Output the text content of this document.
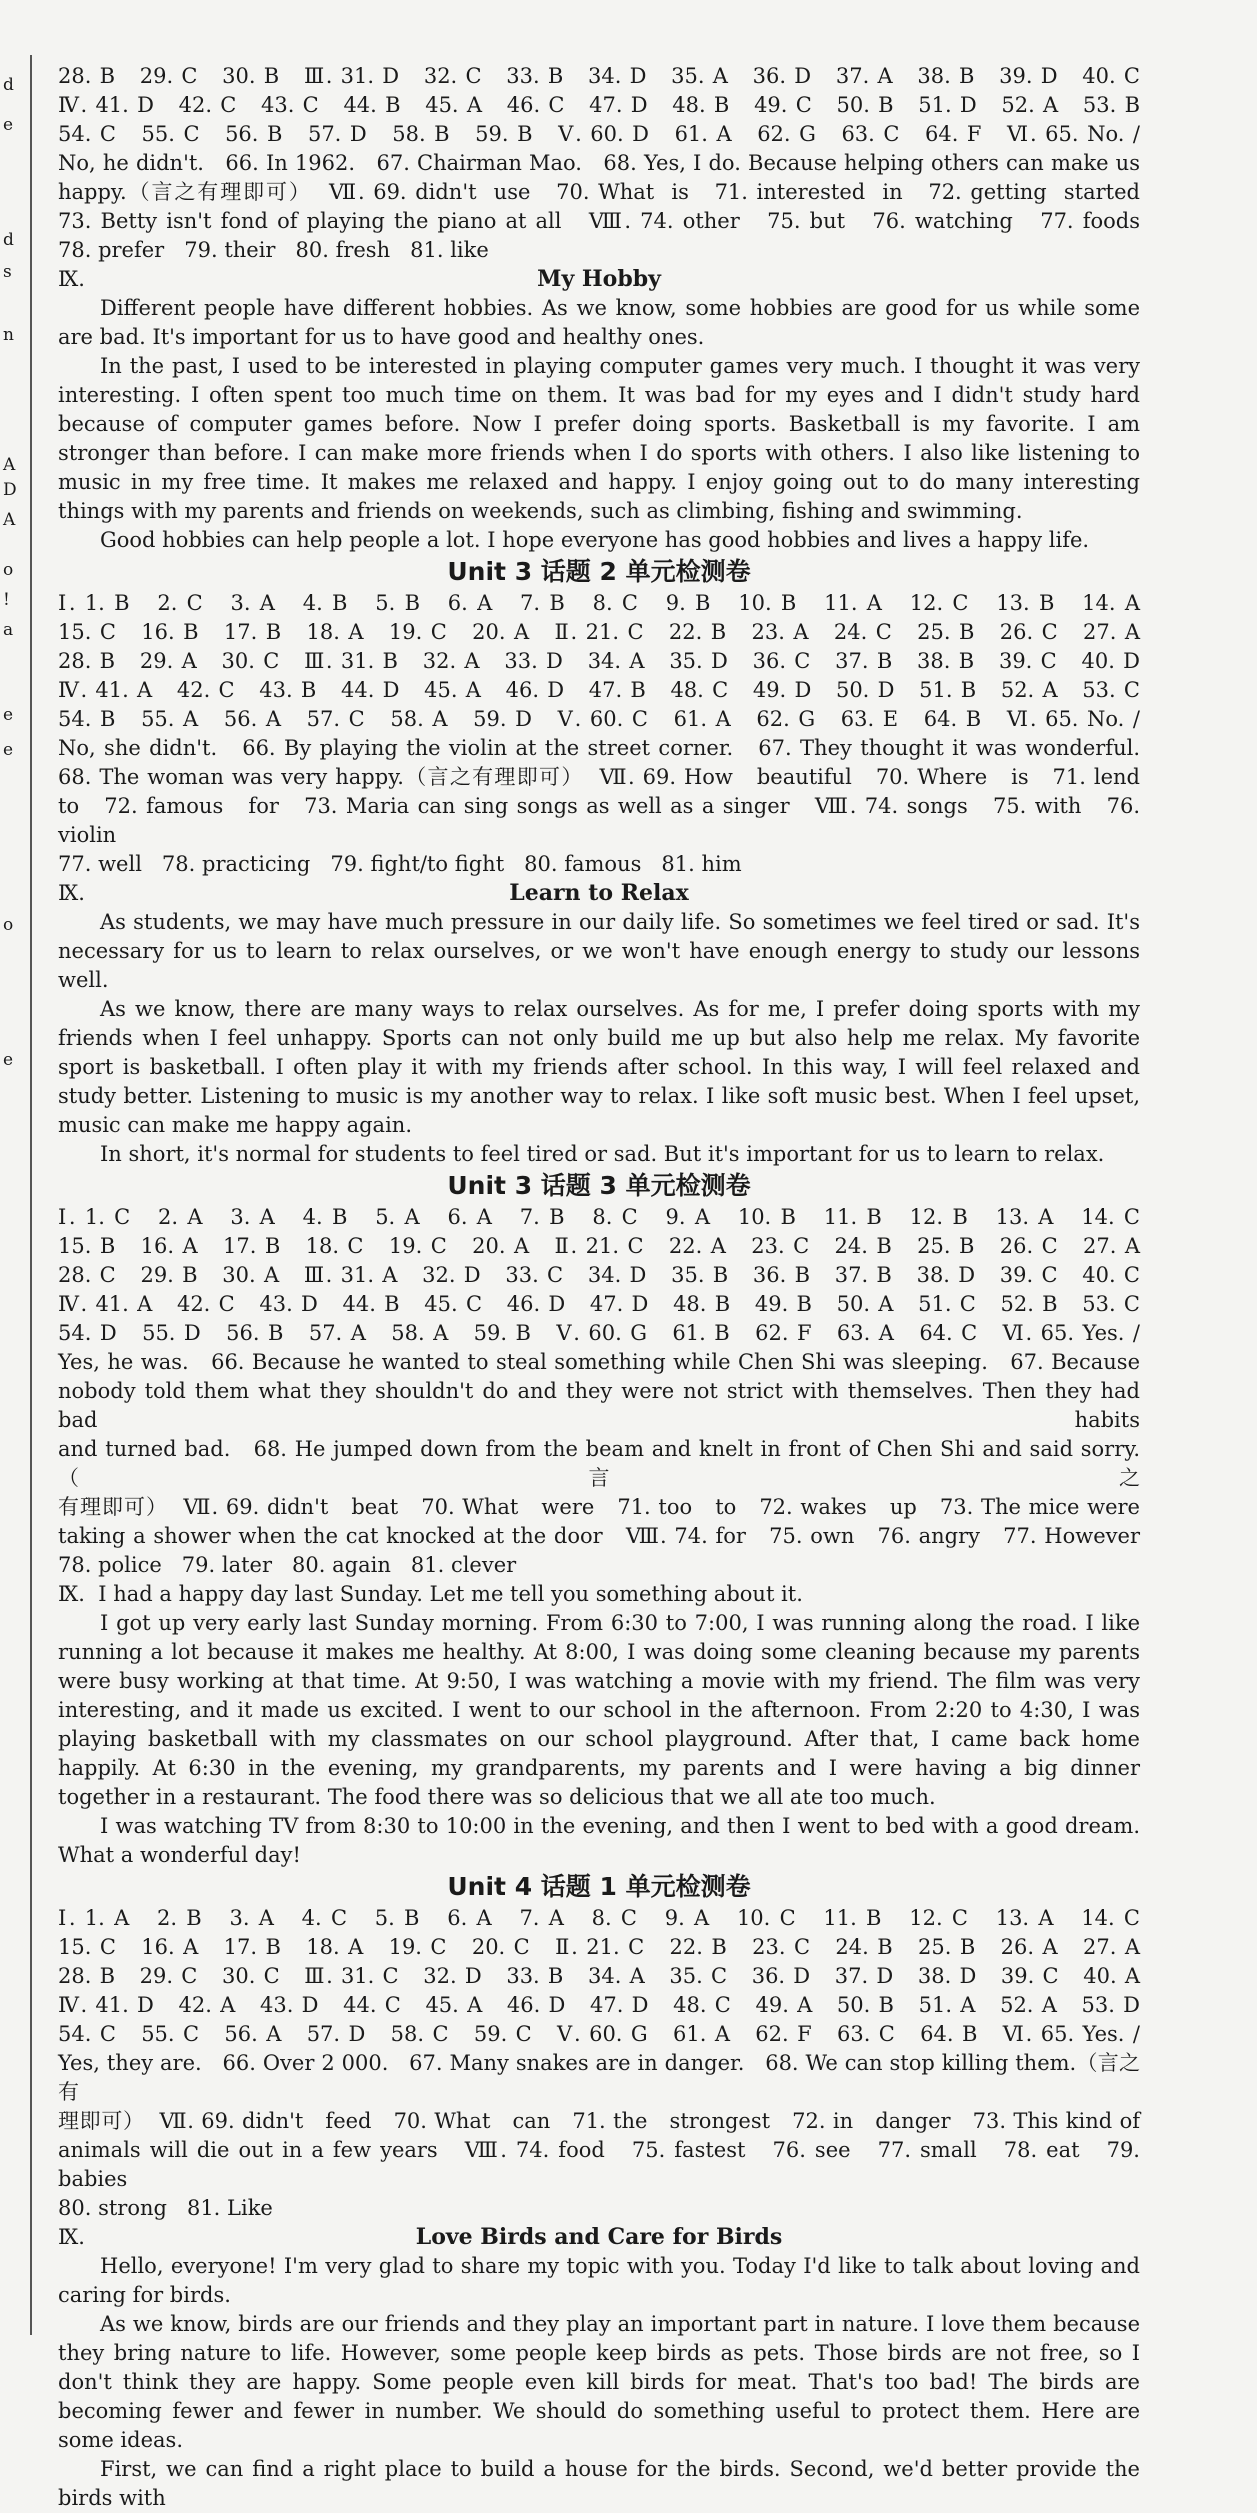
d
e
d
s
n
A
D
A
o
!
a
e
e
o
e
28. B   29. C   30. B   Ⅲ. 31. D   32. C   33. B   34. D   35. A   36. D   37. A   38. B   39. D   40. C
Ⅳ. 41. D   42. C   43. C   44. B   45. A   46. C   47. D   48. B   49. C   50. B   51. D   52. A   53. B
54. C   55. C   56. B   57. D   58. B   59. B   Ⅴ. 60. D   61. A   62. G   63. C   64. F   Ⅵ. 65. No. /
No, he didn't.   66. In 1962.   67. Chairman Mao.   68. Yes, I do. Because helping others can make us
happy.（言之有理即可）  Ⅶ. 69. didn't  use   70. What  is   71. interested  in   72. getting  started
73. Betty isn't fond of playing the piano at all   Ⅷ. 74. other   75. but   76. watching   77. foods
78. prefer   79. their   80. fresh   81. like
Ⅸ.	My Hobby
Different people have different hobbies. As we know, some hobbies are good for us while some are bad. It's important for us to have good and healthy ones.
In the past, I used to be interested in playing computer games very much. I thought it was very interesting. I often spent too much time on them. It was bad for my eyes and I didn't study hard because of computer games before. Now I prefer doing sports. Basketball is my favorite. I am stronger than before. I can make more friends when I do sports with others. I also like listening to music in my free time. It makes me relaxed and happy. I enjoy going out to do many interesting things with my parents and friends on weekends, such as climbing, fishing and swimming.
Good hobbies can help people a lot. I hope everyone has good hobbies and lives a happy life.
Unit 3 话题 2 单元检测卷
Ⅰ. 1. B   2. C   3. A   4. B   5. B   6. A   7. B   8. C   9. B   10. B   11. A   12. C   13. B   14. A
15. C   16. B   17. B   18. A   19. C   20. A   Ⅱ. 21. C   22. B   23. A   24. C   25. B   26. C   27. A
28. B   29. A   30. C   Ⅲ. 31. B   32. A   33. D   34. A   35. D   36. C   37. B   38. B   39. C   40. D
Ⅳ. 41. A   42. C   43. B   44. D   45. A   46. D   47. B   48. C   49. D   50. D   51. B   52. A   53. C
54. B   55. A   56. A   57. C   58. A   59. D   Ⅴ. 60. C   61. A   62. G   63. E   64. B   Ⅵ. 65. No. /
No, she didn't.   66. By playing the violin at the street corner.   67. They thought it was wonderful.
68. The woman was very happy.（言之有理即可）  Ⅶ. 69. How   beautiful   70. Where   is   71. lend
to   72. famous   for   73. Maria can sing songs as well as a singer   Ⅷ. 74. songs   75. with   76. violin
77. well   78. practicing   79. fight/to fight   80. famous   81. him
Ⅸ.	Learn to Relax
As students, we may have much pressure in our daily life. So sometimes we feel tired or sad. It's necessary for us to learn to relax ourselves, or we won't have enough energy to study our lessons well.
As we know, there are many ways to relax ourselves. As for me, I prefer doing sports with my friends when I feel unhappy. Sports can not only build me up but also help me relax. My favorite sport is basketball. I often play it with my friends after school. In this way, I will feel relaxed and study better. Listening to music is my another way to relax. I like soft music best. When I feel upset, music can make me happy again.
In short, it's normal for students to feel tired or sad. But it's important for us to learn to relax.
Unit 3 话题 3 单元检测卷
Ⅰ. 1. C   2. A   3. A   4. B   5. A   6. A   7. B   8. C   9. A   10. B   11. B   12. B   13. A   14. C
15. B   16. A   17. B   18. C   19. C   20. A   Ⅱ. 21. C   22. A   23. C   24. B   25. B   26. C   27. A
28. C   29. B   30. A   Ⅲ. 31. A   32. D   33. C   34. D   35. B   36. B   37. B   38. D   39. C   40. C
Ⅳ. 41. A   42. C   43. D   44. B   45. C   46. D   47. D   48. B   49. B   50. A   51. C   52. B   53. C
54. D   55. D   56. B   57. A   58. A   59. B   Ⅴ. 60. G   61. B   62. F   63. A   64. C   Ⅵ. 65. Yes. /
Yes, he was.   66. Because he wanted to steal something while Chen Shi was sleeping.   67. Because
nobody told them what they shouldn't do and they were not strict with themselves. Then they had bad habits
and turned bad.   68. He jumped down from the beam and knelt in front of Chen Shi and said sorry.（言之
有理即可）  Ⅶ. 69. didn't   beat   70. What   were   71. too   to   72. wakes   up   73. The mice were
taking a shower when the cat knocked at the door   Ⅷ. 74. for   75. own   76. angry   77. However
78. police   79. later   80. again   81. clever
Ⅸ.  I had a happy day last Sunday. Let me tell you something about it.
I got up very early last Sunday morning. From 6:30 to 7:00, I was running along the road. I like running a lot because it makes me healthy. At 8:00, I was doing some cleaning because my parents were busy working at that time. At 9:50, I was watching a movie with my friend. The film was very interesting, and it made us excited. I went to our school in the afternoon. From 2:20 to 4:30, I was playing basketball with my classmates on our school playground. After that, I came back home happily. At 6:30 in the evening, my grandparents, my parents and I were having a big dinner together in a restaurant. The food there was so delicious that we all ate too much.
I was watching TV from 8:30 to 10:00 in the evening, and then I went to bed with a good dream. What a wonderful day!
Unit 4 话题 1 单元检测卷
Ⅰ. 1. A   2. B   3. A   4. C   5. B   6. A   7. A   8. C   9. A   10. C   11. B   12. C   13. A   14. C
15. C   16. A   17. B   18. A   19. C   20. C   Ⅱ. 21. C   22. B   23. C   24. B   25. B   26. A   27. A
28. B   29. C   30. C   Ⅲ. 31. C   32. D   33. B   34. A   35. C   36. D   37. D   38. D   39. C   40. A
Ⅳ. 41. D   42. A   43. D   44. C   45. A   46. D   47. D   48. C   49. A   50. B   51. A   52. A   53. D
54. C   55. C   56. A   57. D   58. C   59. C   Ⅴ. 60. G   61. A   62. F   63. C   64. B   Ⅵ. 65. Yes. /
Yes, they are.   66. Over 2 000.   67. Many snakes are in danger.   68. We can stop killing them.（言之有
理即可）  Ⅶ. 69. didn't   feed   70. What   can   71. the   strongest   72. in   danger   73. This kind of
animals will die out in a few years   Ⅷ. 74. food   75. fastest   76. see   77. small   78. eat   79. babies
80. strong   81. Like
Ⅸ.	Love Birds and Care for Birds
Hello, everyone! I'm very glad to share my topic with you. Today I'd like to talk about loving and caring for birds.
As we know, birds are our friends and they play an important part in nature. I love them because they bring nature to life. However, some people keep birds as pets. Those birds are not free, so I don't think they are happy. Some people even kill birds for meat. That's too bad! The birds are becoming fewer and fewer in number. We should do something useful to protect them. Here are some ideas.
First, we can find a right place to build a house for the birds. Second, we'd better provide the birds with
